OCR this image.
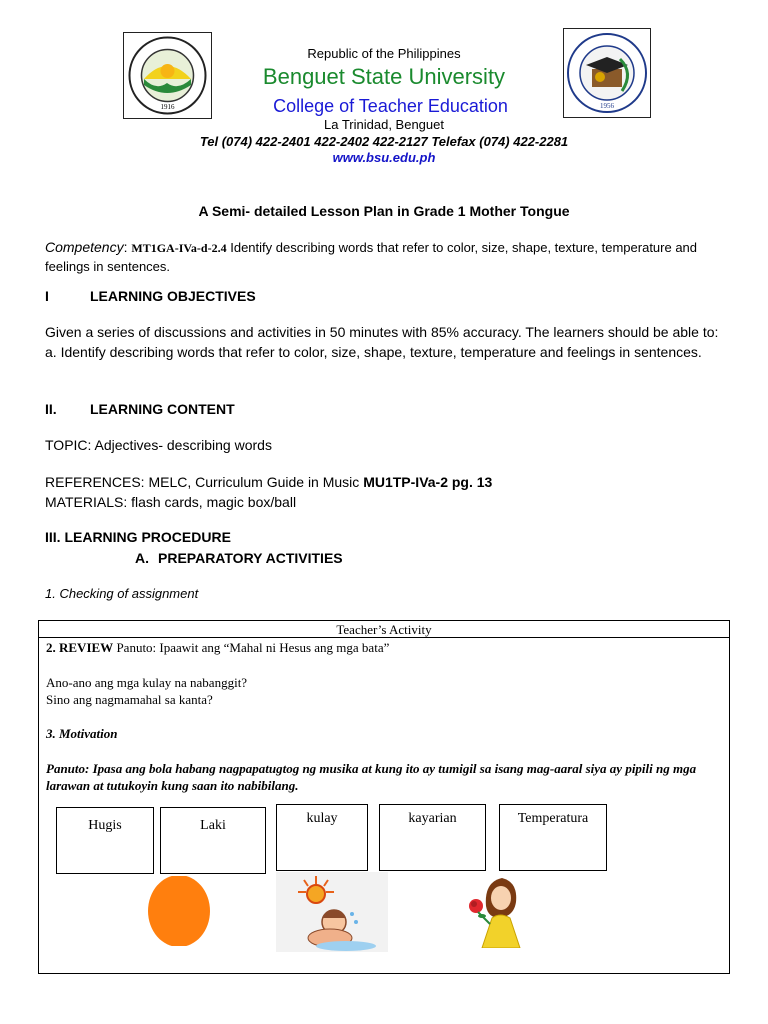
1916
Republic of the Philippines
Benguet State University
College of Teacher Education
La Trinidad, Benguet
Tel (074) 422-2401 422-2402 422-2127 Telefax (074) 422-2281
www.bsu.edu.ph
1956
A Semi- detailed Lesson Plan in Grade 1 Mother Tongue
Competency: MT1GA-IVa-d-2.4 Identify describing words that refer to color, size, shape, texture, temperature and feelings in sentences.
I	LEARNING OBJECTIVES
Given a series of discussions and activities in 50 minutes with 85% accuracy. The learners should be able to: a. Identify describing words that refer to color, size, shape, texture, temperature and feelings in sentences.
II. LEARNING CONTENT
TOPIC: Adjectives- describing words
REFERENCES: MELC, Curriculum Guide in Music MU1TP-IVa-2 pg. 13
MATERIALS: flash cards, magic box/ball
III. LEARNING PROCEDURE
A. PREPARATORY ACTIVITIES
1. Checking of assignment
Teacher’s Activity
2. REVIEW Panuto: Ipaawit ang “Mahal ni Hesus ang mga bata”
Ano-ano ang mga kulay na nabanggit?
Sino ang nagmamahal sa kanta?
3. Motivation
Panuto: Ipasa ang bola habang nagpapatugtog ng musika at kung ito ay tumigil sa isang mag-aaral siya ay pipili ng mga larawan at tutukoyin kung saan ito nabibilang.
Hugis	Laki	kulay	kayarian	Temperatura
